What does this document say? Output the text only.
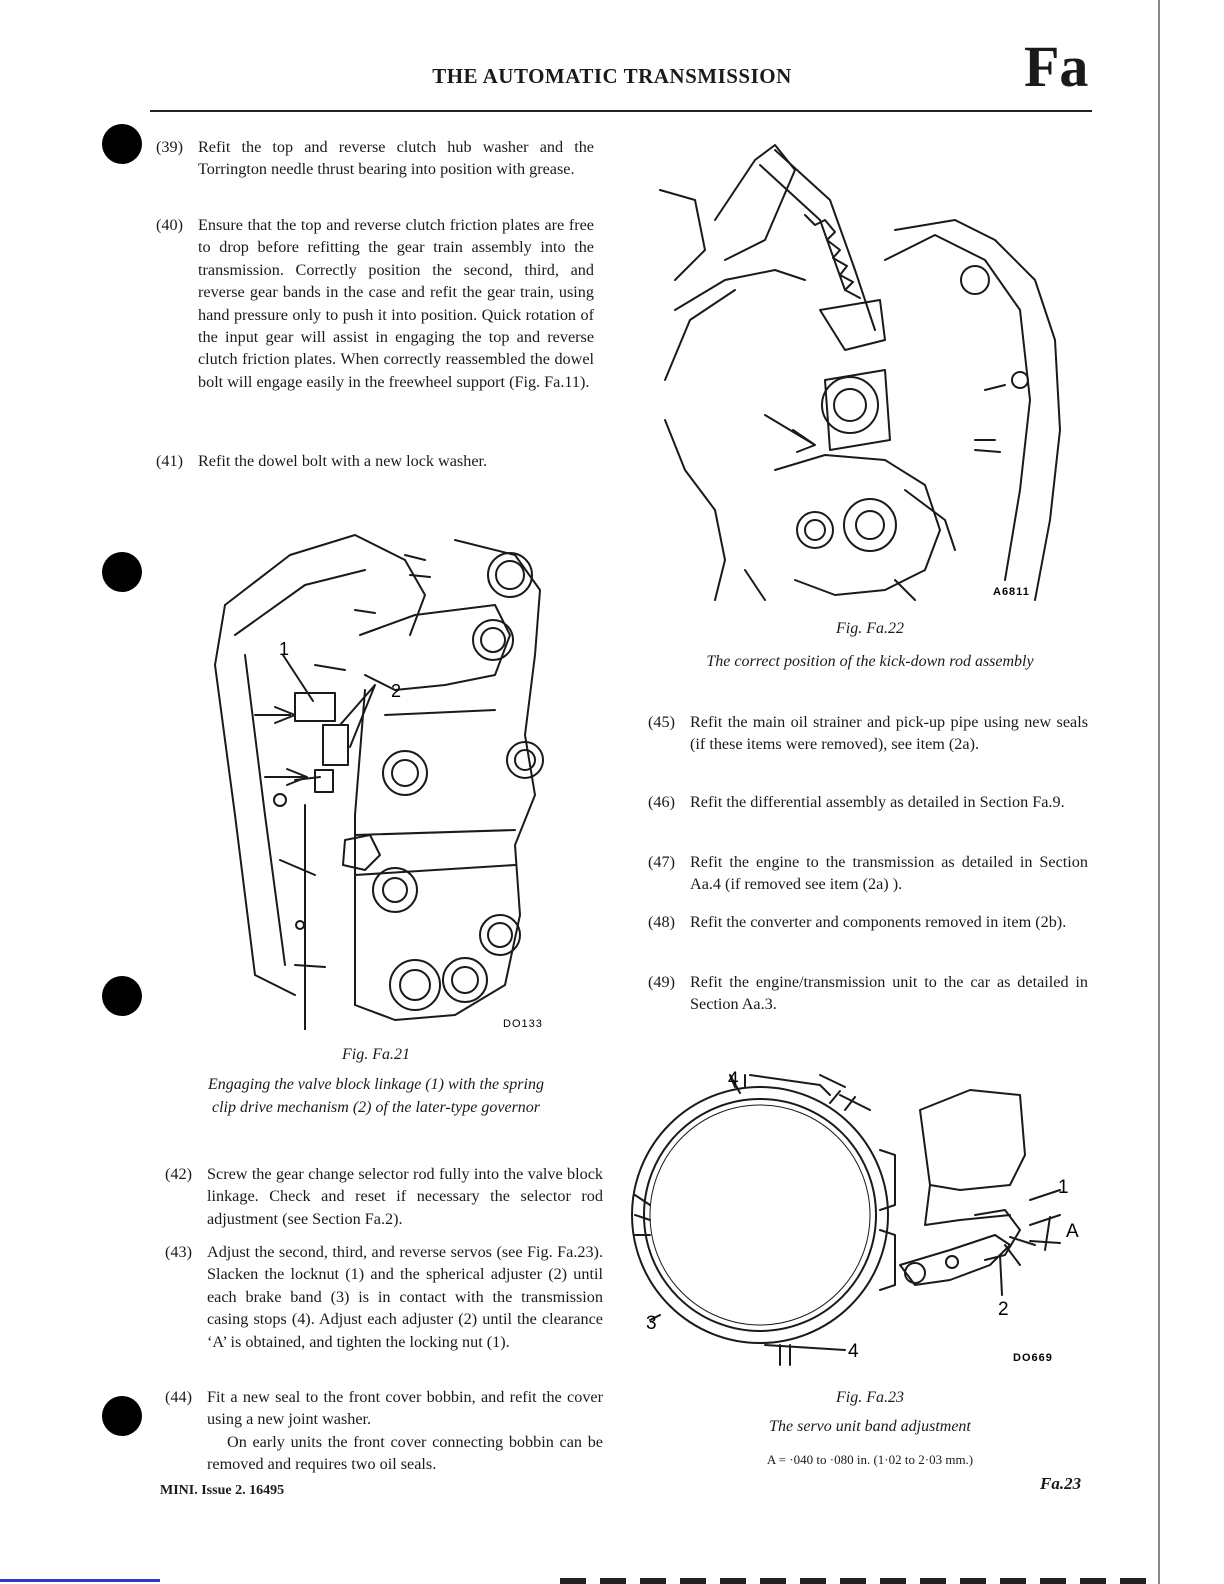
THE AUTOMATIC TRANSMISSION	Fa
(39) Refit the top and reverse clutch hub washer and the Torrington needle thrust bearing into position with grease.
(40) Ensure that the top and reverse clutch friction plates are free to drop before refitting the gear train assembly into the transmission. Correctly position the second, third, and reverse gear bands in the case and refit the gear train, using hand pressure only to push it into position. Quick rotation of the input gear will assist in engaging the top and reverse clutch friction plates. When correctly reassembled the dowel bolt will engage easily in the freewheel support (Fig. Fa.11).
(41) Refit the dowel bolt with a new lock washer.
1
2
DO133
Fig. Fa.21
Engaging the valve block linkage (1) with the spring
clip drive mechanism (2) of the later-type governor
(42) Screw the gear change selector rod fully into the valve block linkage. Check and reset if necessary the selector rod adjustment (see Section Fa.2).
(43) Adjust the second, third, and reverse servos (see Fig. Fa.23). Slacken the locknut (1) and the spherical adjuster (2) until each brake band (3) is in contact with the transmission casing stops (4). Adjust each adjuster (2) until the clearance ‘A’ is obtained, and tighten the locking nut (1).
(44) Fit a new seal to the front cover bobbin, and refit the cover using a new joint washer.
On early units the front cover connecting bobbin can be removed and requires two oil seals.
A6811
Fig. Fa.22
The correct position of the kick-down rod assembly
(45) Refit the main oil strainer and pick-up pipe using new seals (if these items were removed), see item (2a).
(46) Refit the differential assembly as detailed in Section Fa.9.
(47) Refit the engine to the transmission as detailed in Section Aa.4 (if removed see item (2a) ).
(48) Refit the converter and components removed in item (2b).
(49) Refit the engine/transmission unit to the car as detailed in Section Aa.3.
4
1
A
2
3
4	DO669
Fig. Fa.23
The servo unit band adjustment
A = ·040 to ·080 in. (1·02 to 2·03 mm.)
MINI. Issue 2. 16495	Fa.23
